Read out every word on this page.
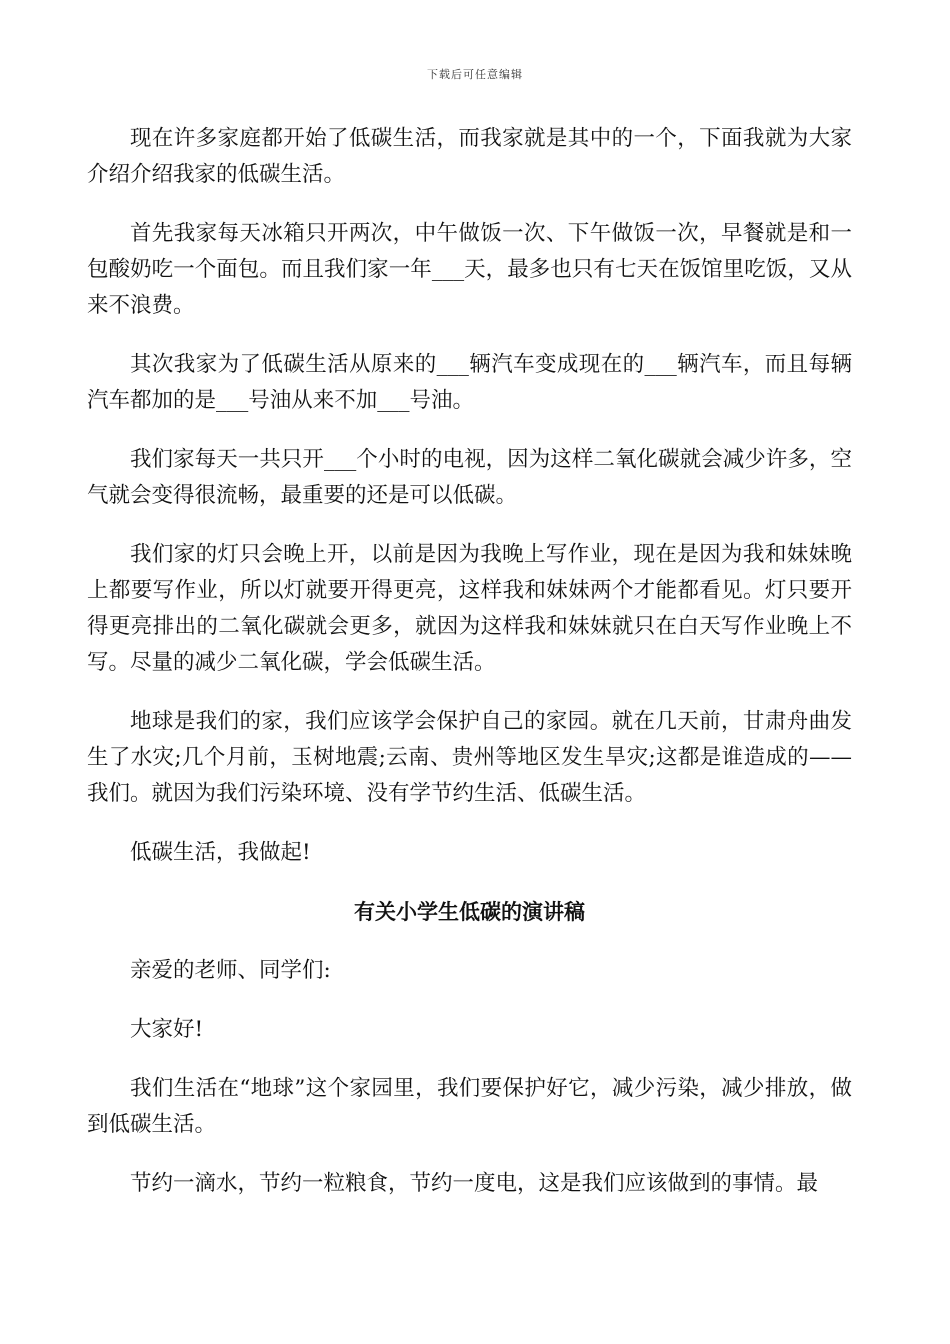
下载后可任意编辑

现在许多家庭都开始了低碳生活，而我家就是其中的一个，下面我就为大家介绍介绍我家的低碳生活。

首先我家每天冰箱只开两次，中午做饭一次、下午做饭一次，早餐就是和一包酸奶吃一个面包。而且我们家一年___天，最多也只有七天在饭馆里吃饭，又从来不浪费。

其次我家为了低碳生活从原来的___辆汽车变成现在的___辆汽车，而且每辆汽车都加的是___号油从来不加___号油。

我们家每天一共只开___个小时的电视，因为这样二氧化碳就会减少许多，空气就会变得很流畅，最重要的还是可以低碳。

我们家的灯只会晚上开，以前是因为我晚上写作业，现在是因为我和妹妹晚上都要写作业，所以灯就要开得更亮，这样我和妹妹两个才能都看见。灯只要开得更亮排出的二氧化碳就会更多，就因为这样我和妹妹就只在白天写作业晚上不写。尽量的减少二氧化碳，学会低碳生活。

地球是我们的家，我们应该学会保护自己的家园。就在几天前，甘肃舟曲发生了水灾;几个月前，玉树地震;云南、贵州等地区发生旱灾;这都是谁造成的——我们。就因为我们污染环境、没有学节约生活、低碳生活。

低碳生活，我做起!

有关小学生低碳的演讲稿

亲爱的老师、同学们:

大家好!

我们生活在“地球”这个家园里，我们要保护好它，减少污染，减少排放，做到低碳生活。

节约一滴水，节约一粒粮食，节约一度电，这是我们应该做到的事情。最
